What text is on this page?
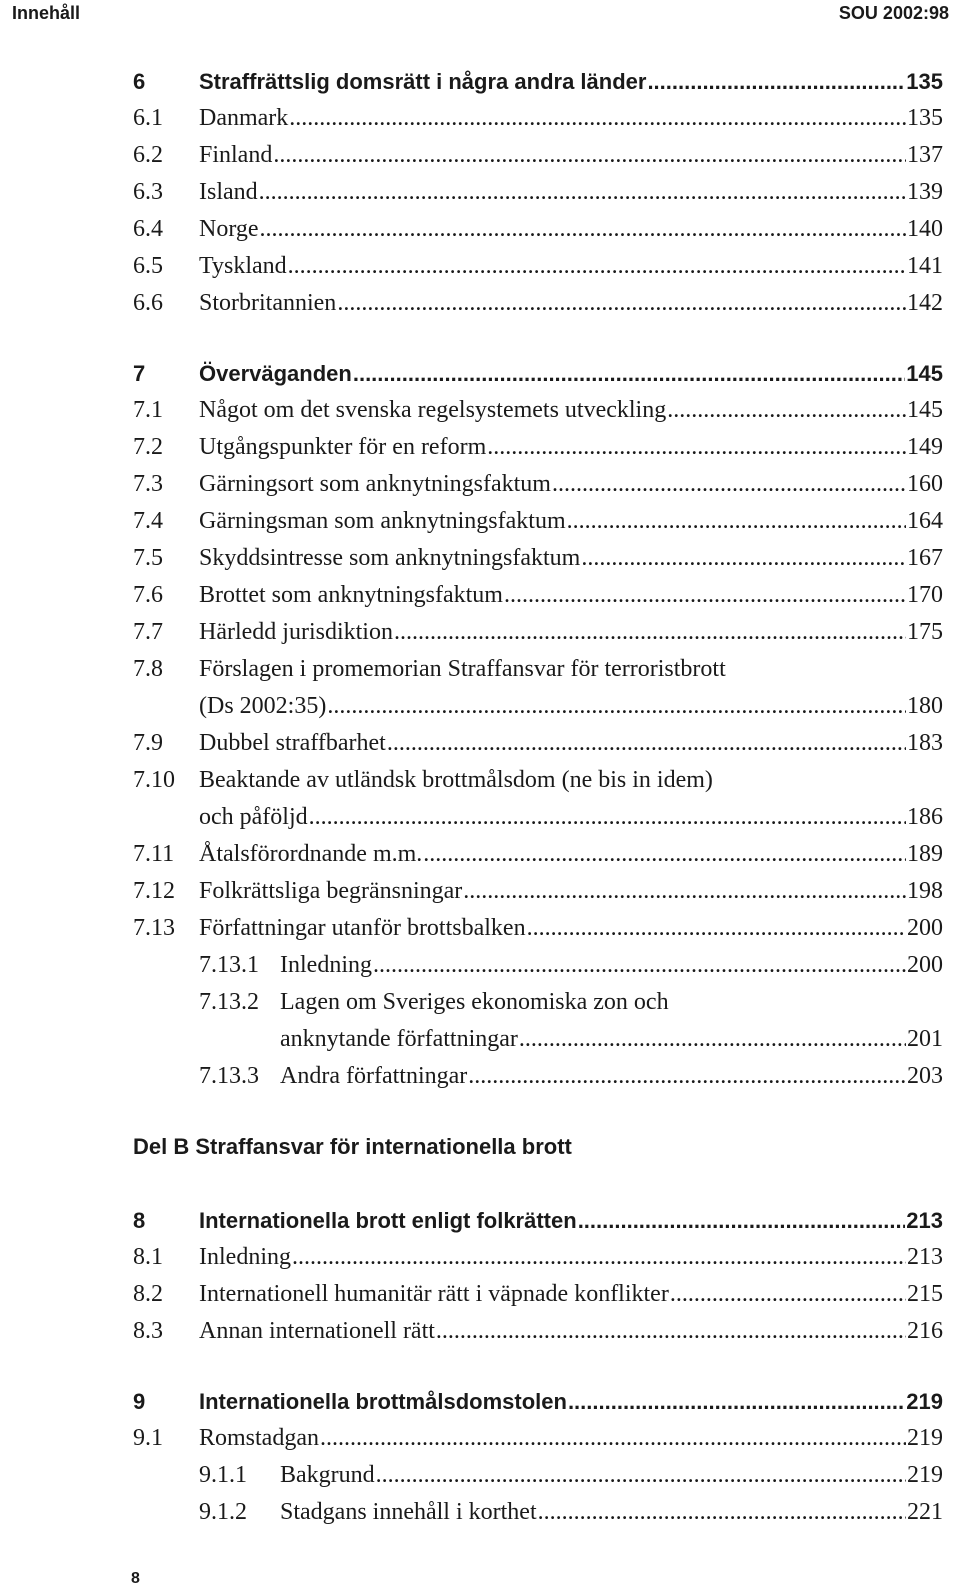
Innehåll	SOU 2002:98
6	Straffrättslig domsrätt i några andra länder .....	135
6.1	Danmark .....	135
6.2	Finland .....	137
6.3	Island .....	139
6.4	Norge .....	140
6.5	Tyskland .....	141
6.6	Storbritannien .....	142
7	Överväganden .....	145
7.1	Något om det svenska regelsystemets utveckling .....	145
7.2	Utgångspunkter för en reform .....	149
7.3	Gärningsort som anknytningsfaktum .....	160
7.4	Gärningsman som anknytningsfaktum .....	164
7.5	Skyddsintresse som anknytningsfaktum .....	167
7.6	Brottet som anknytningsfaktum .....	170
7.7	Härledd jurisdiktion .....	175
7.8	Förslagen i promemorian Straffansvar för terroristbrott
(Ds 2002:35) .....	180
7.9	Dubbel straffbarhet .....	183
7.10	Beaktande av utländsk brottmålsdom (ne bis in idem)
och påföljd .....	186
7.11	Åtalsförordnande m.m. .....	189
7.12	Folkrättsliga begränsningar .....	198
7.13	Författningar utanför brottsbalken .....	200
7.13.1 Inledning .....	200
7.13.2 Lagen om Sveriges ekonomiska zon och
anknytande författningar .....	201
7.13.3 Andra författningar .....	203
Del B Straffansvar för internationella brott
8	Internationella brott enligt folkrätten .....	213
8.1	Inledning .....	213
8.2	Internationell humanitär rätt i väpnade konflikter .....	215
8.3	Annan internationell rätt .....	216
9	Internationella brottmålsdomstolen .....	219
9.1	Romstadgan .....	219
9.1.1	Bakgrund .....	219
9.1.2	Stadgans innehåll i korthet .....	221
8
